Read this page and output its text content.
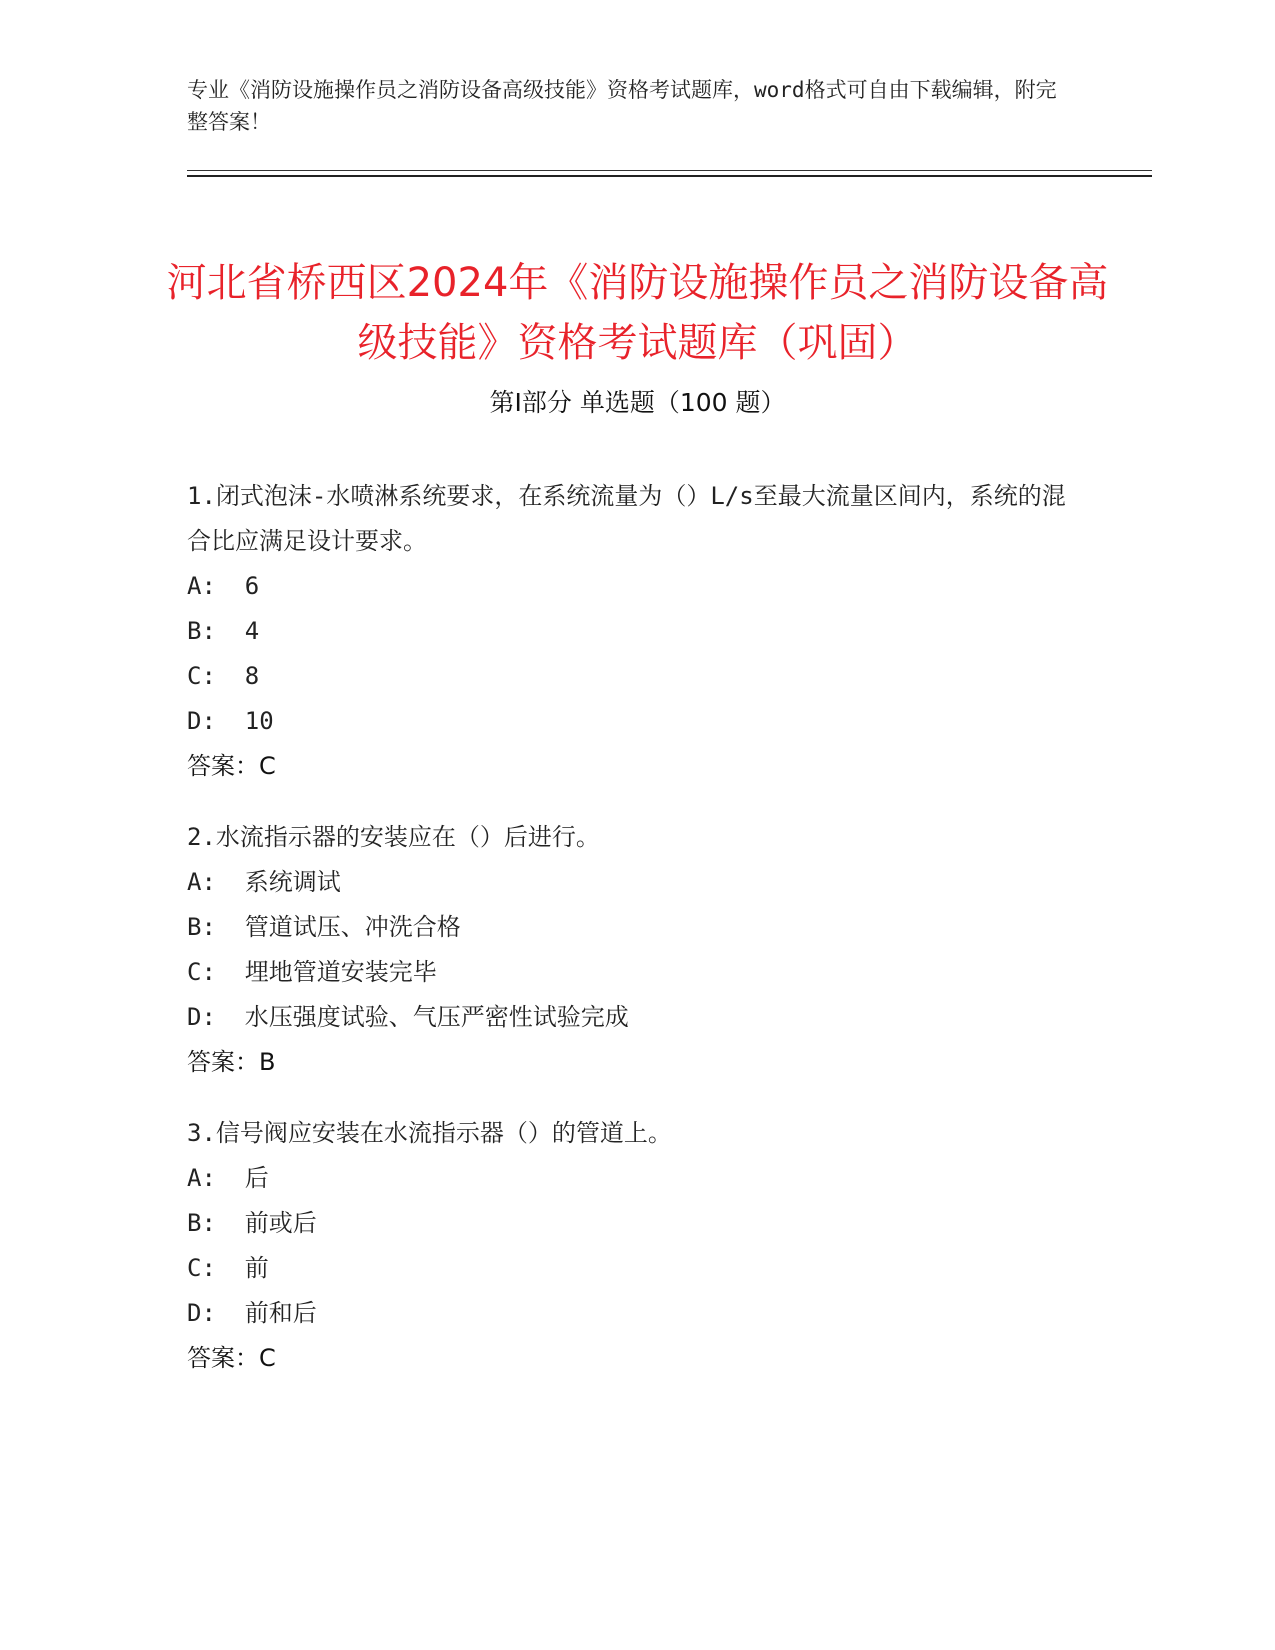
专业《消防设施操作员之消防设备高级技能》资格考试题库，word格式可自由下载编辑，附完整答案！
河北省桥西区2024年《消防设施操作员之消防设备高级技能》资格考试题库（巩固）
第Ⅰ部分 单选题（100 题）

1.闭式泡沫-水喷淋系统要求，在系统流量为（）L/s至最大流量区间内，系统的混合比应满足设计要求。

A:  6

B:  4

C:  8

D:  10

答案：C

2.水流指示器的安装应在（）后进行。

A:  系统调试

B:  管道试压、冲洗合格

C:  埋地管道安装完毕

D:  水压强度试验、气压严密性试验完成

答案：B

3.信号阀应安装在水流指示器（）的管道上。

A:  后

B:  前或后

C:  前

D:  前和后

答案：C
